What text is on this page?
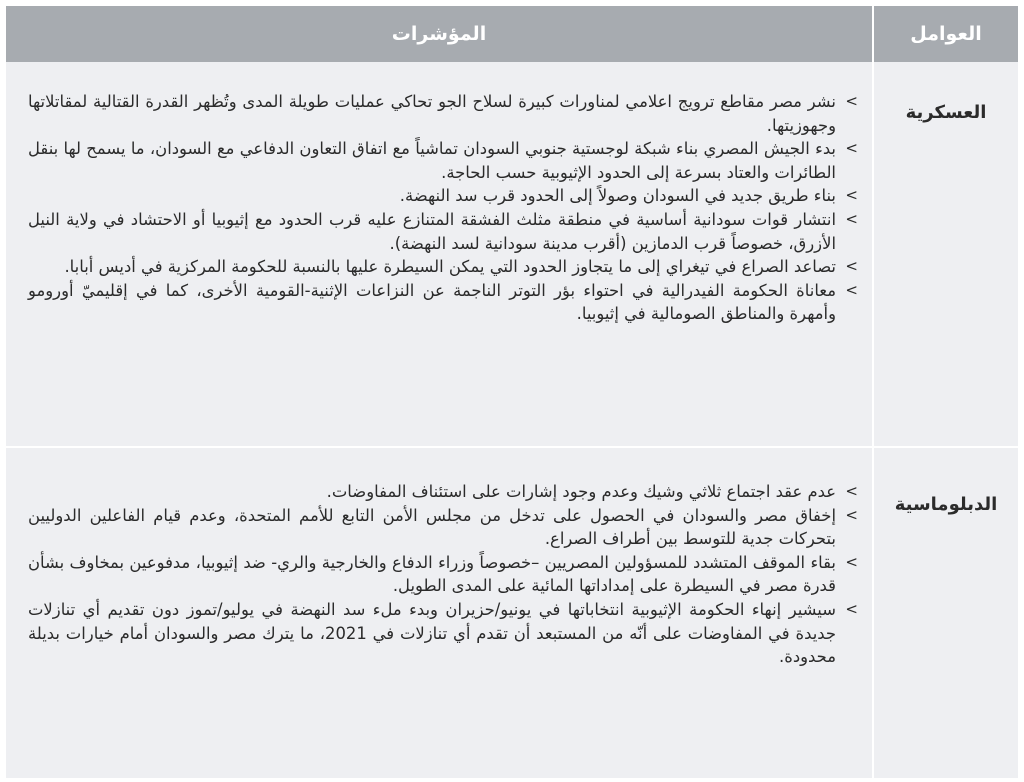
العوامل
المؤشرات
العسكرية
>
نشر مصر مقاطع ترويج اعلامي لمناورات كبيرة لسلاح الجو تحاكي عمليات طويلة المدى وتُظهر القدرة القتالية لمقاتلاتها وجهوزيتها.
>
بدء الجيش المصري بناء شبكة لوجستية جنوبي السودان تماشياً مع اتفاق التعاون الدفاعي مع السودان، ما يسمح لها بنقل الطائرات والعتاد بسرعة إلى الحدود الإثيوبية حسب الحاجة.
>
بناء طريق جديد في السودان وصولاً إلى الحدود قرب سد النهضة.
>
انتشار قوات سودانية أساسية في منطقة مثلث الفشقة المتنازع عليه قرب الحدود مع إثيوبيا أو الاحتشاد في ولاية النيل الأزرق، خصوصاً قرب الدمازين (أقرب مدينة سودانية لسد النهضة).
>
تصاعد الصراع في تيغراي إلى ما يتجاوز الحدود التي يمكن السيطرة عليها بالنسبة للحكومة المركزية في أديس أبابا.
>
معاناة الحكومة الفيدرالية في احتواء بؤر التوتر الناجمة عن النزاعات الإثنية-القومية الأخرى، كما في إقليميّ أورومو وأمهرة والمناطق الصومالية في إثيوبيا.
الدبلوماسية
>
عدم عقد اجتماع ثلاثي وشيك وعدم وجود إشارات على استئناف المفاوضات.
>
إخفاق مصر والسودان في الحصول على تدخل من مجلس الأمن التابع للأمم المتحدة، وعدم قيام الفاعلين الدوليين بتحركات جدية للتوسط بين أطراف الصراع.
>
بقاء الموقف المتشدد للمسؤولين المصريين –خصوصاً وزراء الدفاع والخارجية والري- ضد إثيوبيا، مدفوعين بمخاوف بشأن قدرة مصر في السيطرة على إمداداتها المائية على المدى الطويل.
>
سيشير إنهاء الحكومة الإثيوبية انتخاباتها في يونيو/حزيران وبدء ملء سد النهضة في يوليو/تموز دون تقديم أي تنازلات جديدة في المفاوضات على أنّه من المستبعد أن تقدم أي تنازلات في 2021، ما يترك مصر والسودان أمام خيارات بديلة محدودة.
